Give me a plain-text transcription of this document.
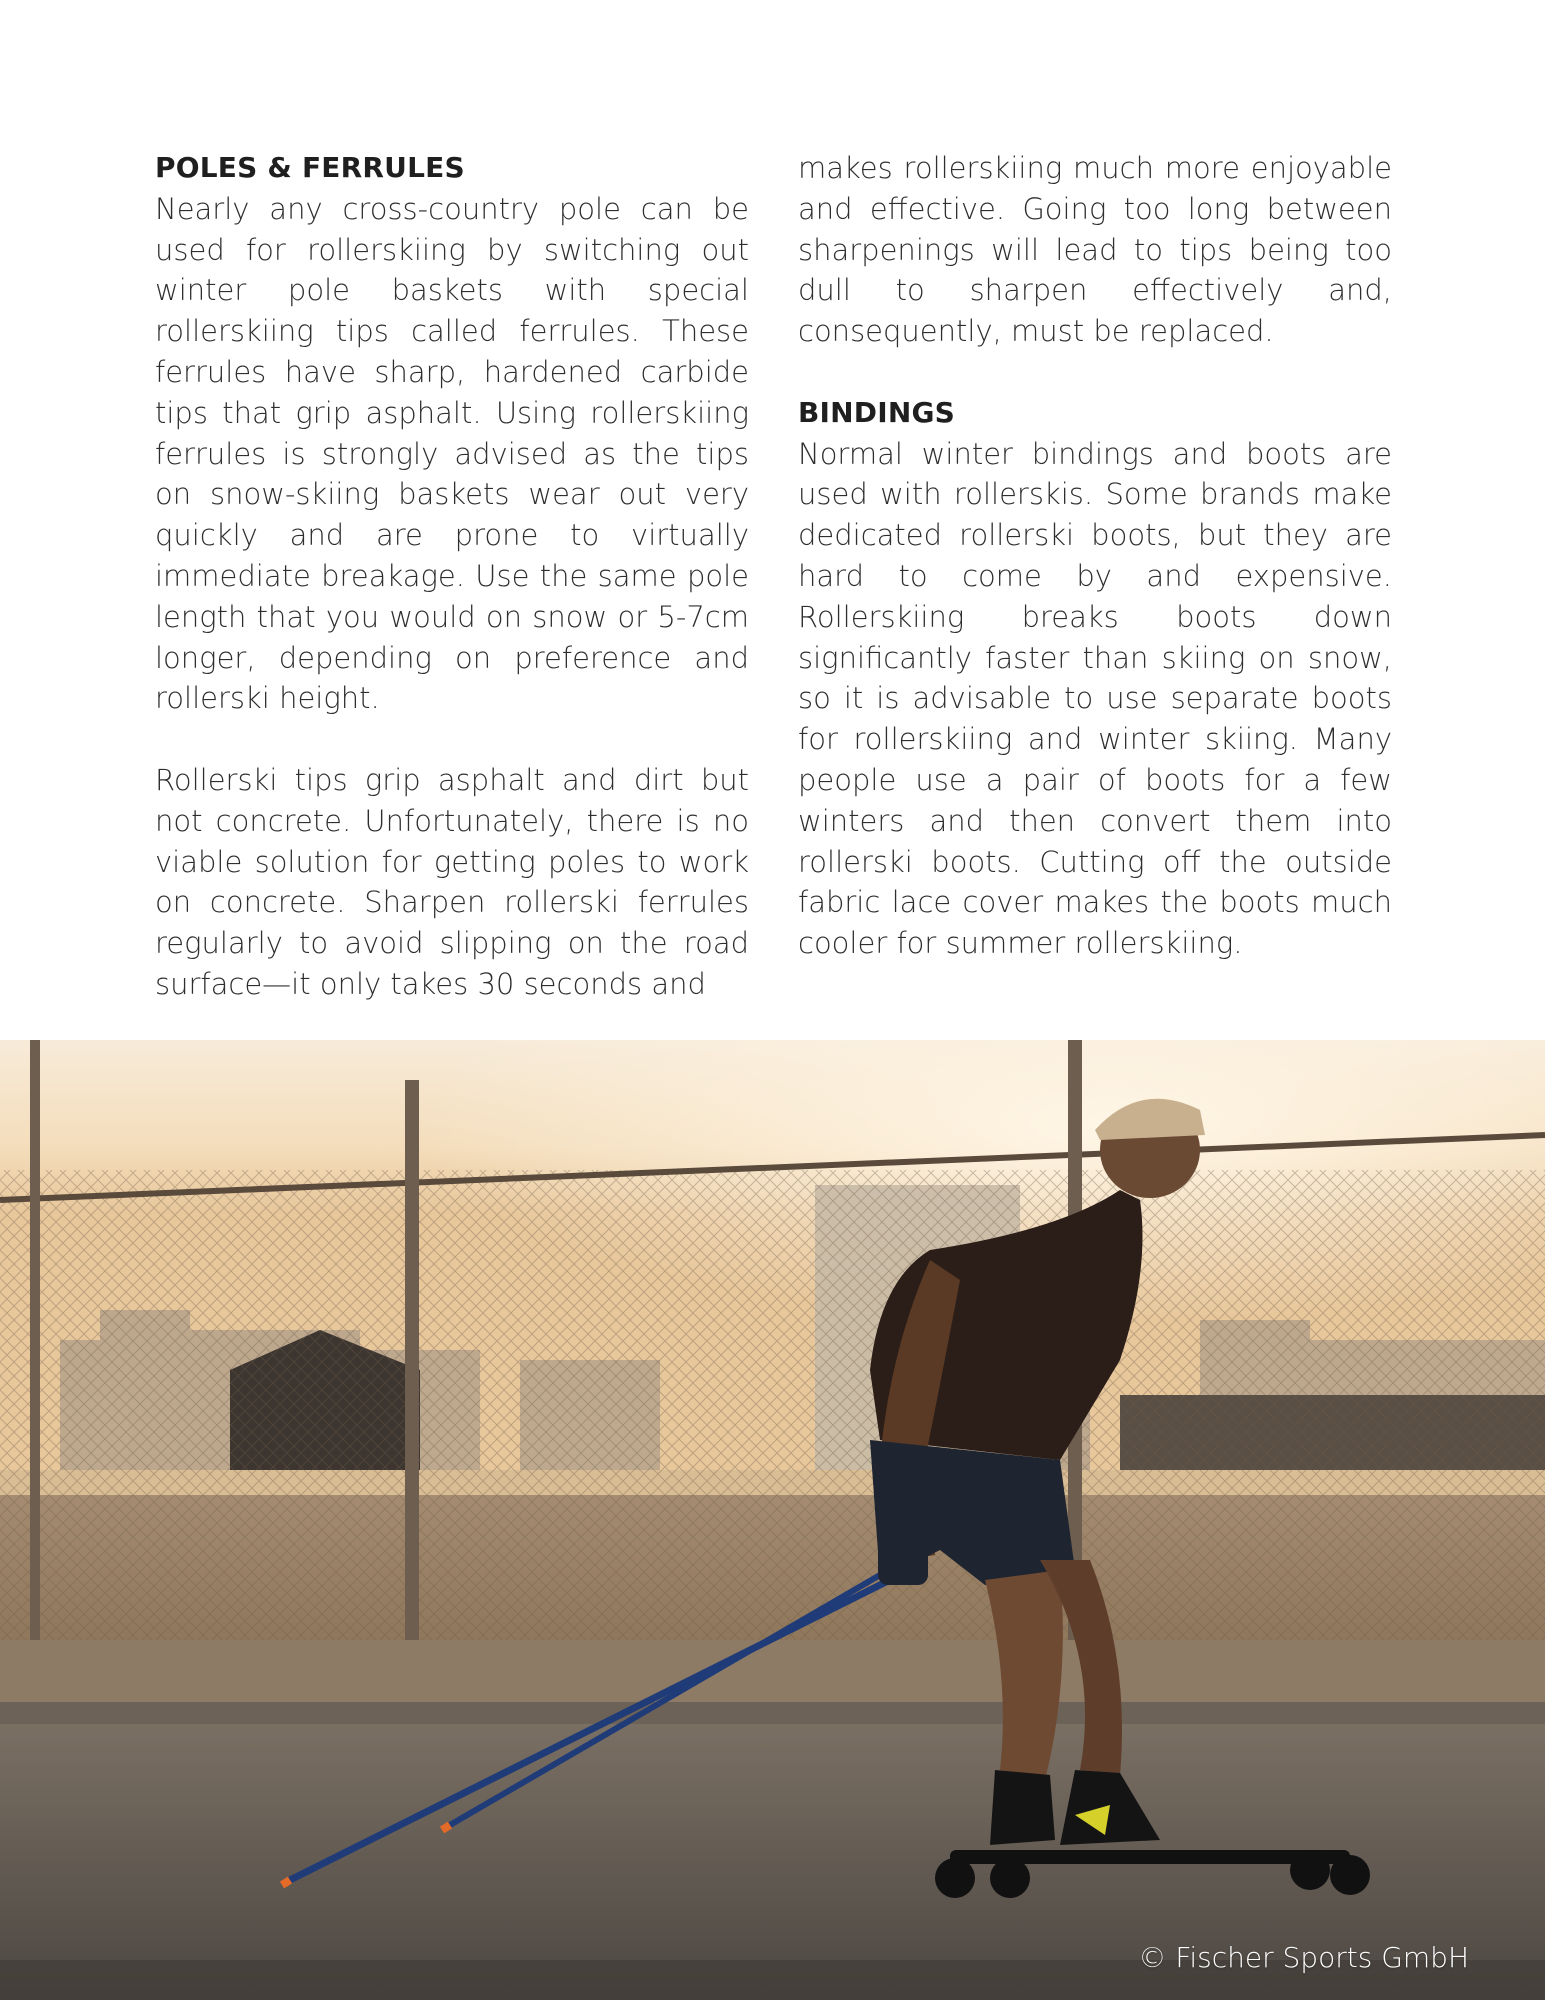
POLES & FERRULES

Nearly any cross-country pole can be used for rollerskiing by switching out winter pole baskets with special rollerskiing tips called ferrules. These ferrules have sharp, hardened carbide tips that grip asphalt. Using rollerskiing ferrules is strongly advised as the tips on snow-skiing baskets wear out very quickly and are prone to virtually immediate breakage. Use the same pole length that you would on snow or 5-7cm longer, depending on preference and rollerski height.

Rollerski tips grip asphalt and dirt but not concrete. Unfortunately, there is no viable solution for getting poles to work on concrete. Sharpen rollerski ferrules regularly to avoid slipping on the road surface—it only takes 30 seconds and

makes rollerskiing much more enjoyable and effective. Going too long between sharpenings will lead to tips being too dull to sharpen effectively and, consequently, must be replaced.

BINDINGS

Normal winter bindings and boots are used with rollerskis. Some brands make dedicated rollerski boots, but they are hard to come by and expensive. Rollerskiing breaks boots down significantly faster than skiing on snow, so it is advisable to use separate boots for rollerskiing and winter skiing. Many people use a pair of boots for a few winters and then convert them into rollerski boots. Cutting off the outside fabric lace cover makes the boots much cooler for summer rollerskiing.

© Fischer Sports GmbH
